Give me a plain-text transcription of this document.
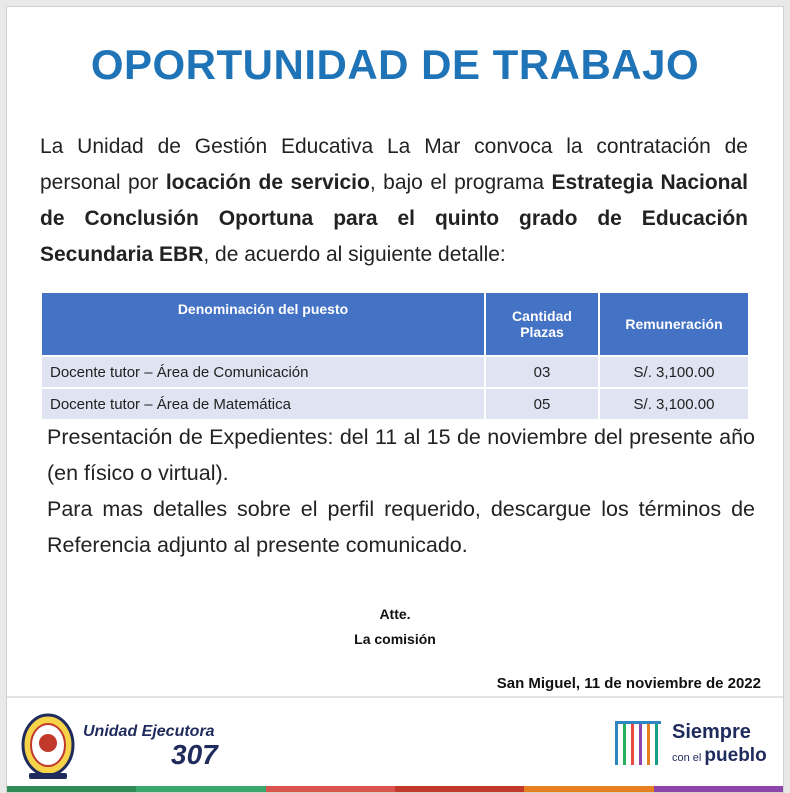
OPORTUNIDAD DE TRABAJO
La Unidad de Gestión Educativa La Mar convoca la contratación de personal por locación de servicio, bajo el programa Estrategia Nacional de Conclusión Oportuna para el quinto grado de Educación Secundaria EBR, de acuerdo al siguiente detalle:
Denominación del puesto	Cantidad Plazas	Remuneración
Docente tutor – Área de Comunicación	03	S/. 3,100.00
Docente tutor – Área de Matemática	05	S/. 3,100.00

Presentación de Expedientes: del 11 al 15 de noviembre del presente año (en físico o virtual).

Para mas detalles sobre el perfil requerido, descargue los términos de Referencia adjunto al presente comunicado.

Atte.
La comisión
San Miguel, 11 de noviembre de 2022
Unidad Ejecutora
307
Siempre
con el pueblo
